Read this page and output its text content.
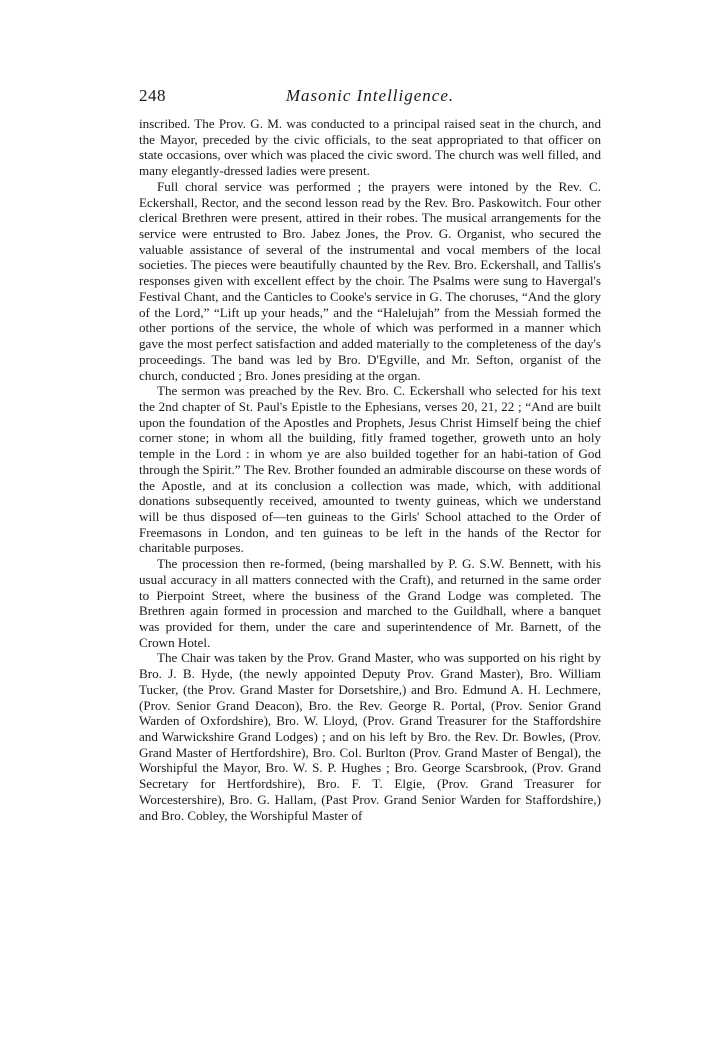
248	Masonic Intelligence.

inscribed. The Prov. G. M. was conducted to a principal raised seat in the church, and the Mayor, preceded by the civic officials, to the seat appropriated to that officer on state occasions, over which was placed the civic sword. The church was well filled, and many elegantly-dressed ladies were present.

Full choral service was performed ; the prayers were intoned by the Rev. C. Eckershall, Rector, and the second lesson read by the Rev. Bro. Paskowitch. Four other clerical Brethren were present, attired in their robes. The musical arrangements for the service were entrusted to Bro. Jabez Jones, the Prov. G. Organist, who secured the valuable assistance of several of the instrumental and vocal members of the local societies. The pieces were beautifully chaunted by the Rev. Bro. Eckershall, and Tallis's responses given with excellent effect by the choir. The Psalms were sung to Havergal's Festival Chant, and the Canticles to Cooke's service in G. The choruses, “And the glory of the Lord,” “Lift up your heads,” and the “Halelujah” from the Messiah formed the other portions of the service, the whole of which was performed in a manner which gave the most perfect satisfaction and added materially to the completeness of the day's proceedings. The band was led by Bro. D'Egville, and Mr. Sefton, organist of the church, conducted ; Bro. Jones presiding at the organ.

The sermon was preached by the Rev. Bro. C. Eckershall who selected for his text the 2nd chapter of St. Paul's Epistle to the Ephesians, verses 20, 21, 22 ; “And are built upon the foundation of the Apostles and Prophets, Jesus Christ Himself being the chief corner stone; in whom all the building, fitly framed together, groweth unto an holy temple in the Lord : in whom ye are also builded together for an habi-tation of God through the Spirit.” The Rev. Brother founded an admirable discourse on these words of the Apostle, and at its conclusion a collection was made, which, with additional donations subsequently received, amounted to twenty guineas, which we understand will be thus disposed of—ten guineas to the Girls' School attached to the Order of Freemasons in London, and ten guineas to be left in the hands of the Rector for charitable purposes.

The procession then re-formed, (being marshalled by P. G. S.W. Bennett, with his usual accuracy in all matters connected with the Craft), and returned in the same order to Pierpoint Street, where the business of the Grand Lodge was completed. The Brethren again formed in procession and marched to the Guildhall, where a banquet was provided for them, under the care and superintendence of Mr. Barnett, of the Crown Hotel.

The Chair was taken by the Prov. Grand Master, who was supported on his right by Bro. J. B. Hyde, (the newly appointed Deputy Prov. Grand Master), Bro. William Tucker, (the Prov. Grand Master for Dorsetshire,) and Bro. Edmund A. H. Lechmere, (Prov. Senior Grand Deacon), Bro. the Rev. George R. Portal, (Prov. Senior Grand Warden of Oxfordshire), Bro. W. Lloyd, (Prov. Grand Treasurer for the Staffordshire and Warwickshire Grand Lodges) ; and on his left by Bro. the Rev. Dr. Bowles, (Prov. Grand Master of Hertfordshire), Bro. Col. Burlton (Prov. Grand Master of Bengal), the Worshipful the Mayor, Bro. W. S. P. Hughes ; Bro. George Scarsbrook, (Prov. Grand Secretary for Hertfordshire), Bro. F. T. Elgie, (Prov. Grand Treasurer for Worcestershire), Bro. G. Hallam, (Past Prov. Grand Senior Warden for Staffordshire,) and Bro. Cobley, the Worshipful Master of
